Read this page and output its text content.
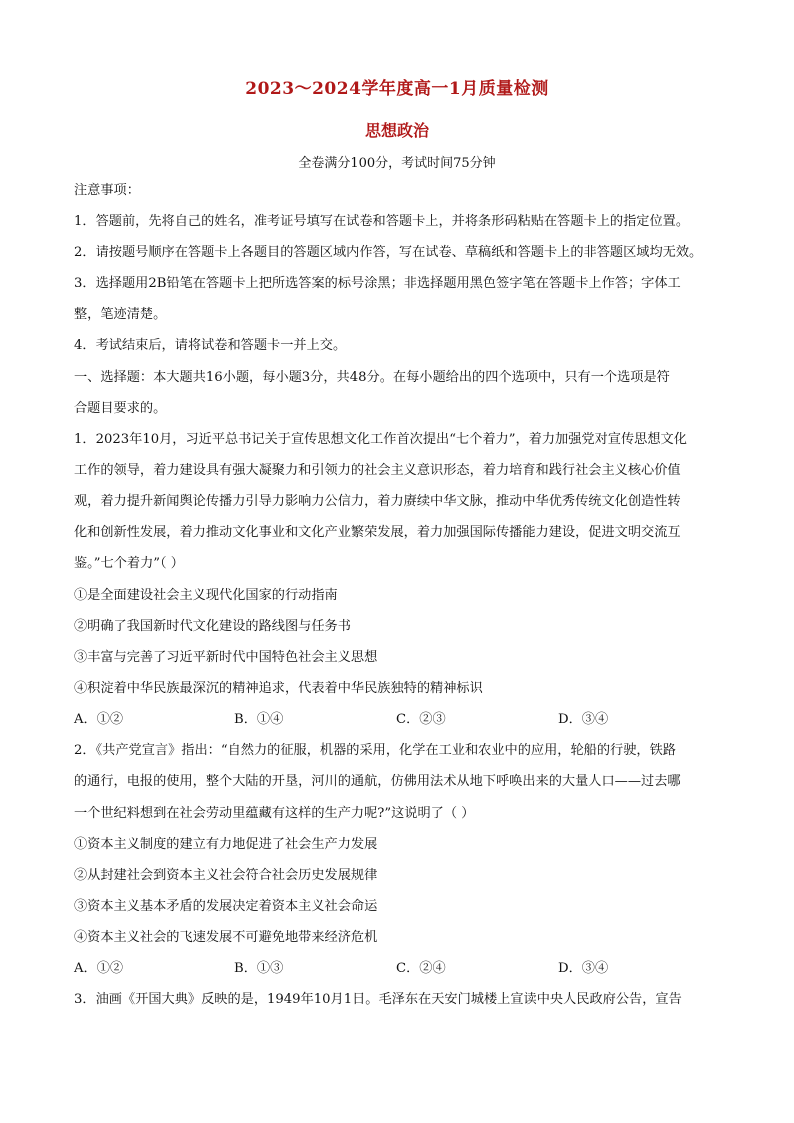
2023～2024学年度高一1月质量检测
思想政治
全卷满分100分，考试时间75分钟
注意事项：
1．答题前，先将自己的姓名，准考证号填写在试卷和答题卡上，并将条形码粘贴在答题卡上的指定位置。
2．请按题号顺序在答题卡上各题目的答题区域内作答，写在试卷、草稿纸和答题卡上的非答题区域均无效。
3．选择题用2B铅笔在答题卡上把所选答案的标号涂黑；非选择题用黑色签字笔在答题卡上作答；字体工
整，笔迹清楚。
4．考试结束后，请将试卷和答题卡一并上交。
一、选择题：本大题共16小题，每小题3分，共48分。在每小题给出的四个选项中，只有一个选项是符
合题目要求的。
1．2023年10月，习近平总书记关于宣传思想文化工作首次提出“七个着力”，着力加强党对宣传思想文化
工作的领导，着力建设具有强大凝聚力和引领力的社会主义意识形态，着力培育和践行社会主义核心价值
观，着力提升新闻舆论传播力引导力影响力公信力，着力赓续中华文脉，推动中华优秀传统文化创造性转
化和创新性发展，着力推动文化事业和文化产业繁荣发展，着力加强国际传播能力建设，促进文明交流互
鉴。”七个着力”（ ）
①是全面建设社会主义现代化国家的行动指南
②明确了我国新时代文化建设的路线图与任务书
③丰富与完善了习近平新时代中国特色社会主义思想
④积淀着中华民族最深沉的精神追求，代表着中华民族独特的精神标识
A．①②	B．①④	C．②③	D．③④
2．《共产党宣言》指出：“自然力的征服，机器的采用，化学在工业和农业中的应用，轮船的行驶，铁路
的通行，电报的使用，整个大陆的开垦，河川的通航，仿佛用法术从地下呼唤出来的大量人口——过去哪
一个世纪料想到在社会劳动里蕴藏有这样的生产力呢?”这说明了（ ）
①资本主义制度的建立有力地促进了社会生产力发展
②从封建社会到资本主义社会符合社会历史发展规律
③资本主义基本矛盾的发展决定着资本主义社会命运
④资本主义社会的飞速发展不可避免地带来经济危机
A．①②	B．①③	C．②④	D．③④
3．油画《开国大典》反映的是，1949年10月1日。毛泽东在天安门城楼上宣读中央人民政府公告，宣告
